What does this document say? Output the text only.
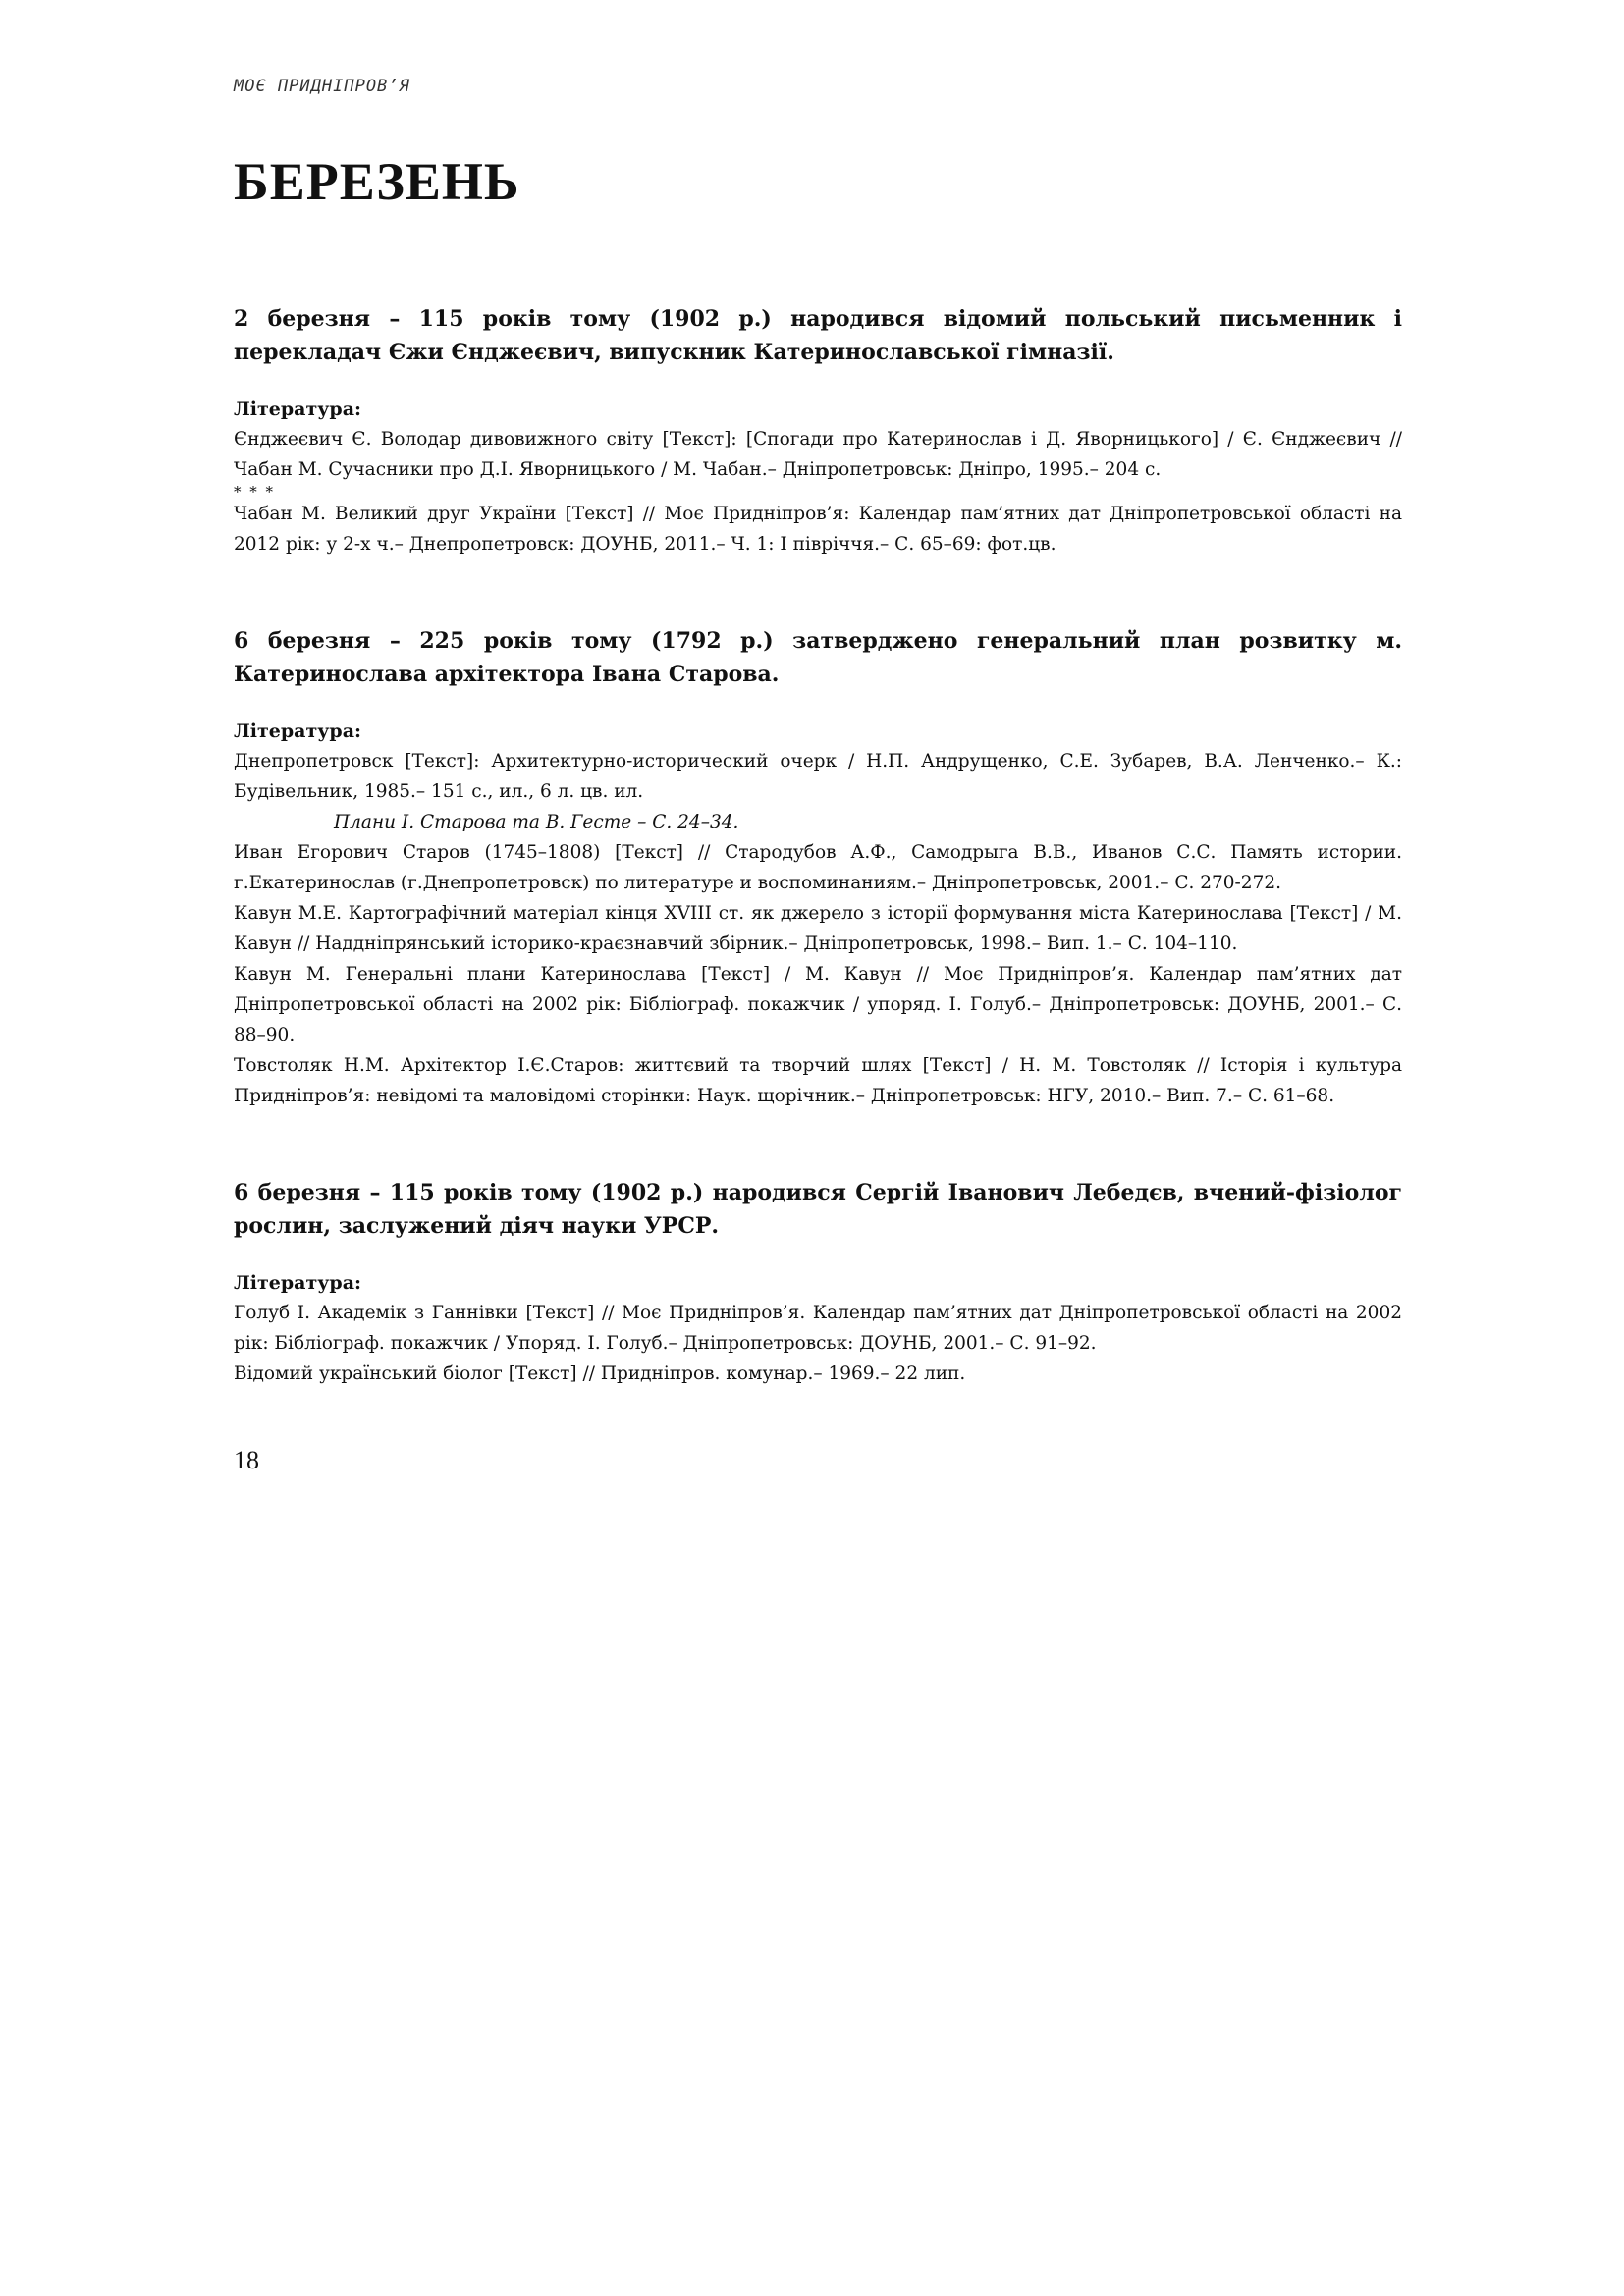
МОЄ ПРИДНІПРОВ’Я

БЕРЕЗЕНЬ

2 березня – 115 років тому (1902 р.) народився відомий польський письменник і перекладач Єжи Єнджеєвич, випускник Катеринославської гімназії.

Література:

Єнджеєвич Є. Володар дивовижного світу [Текст]: [Спогади про Катеринослав і Д. Яворницького] / Є. Єнджеєвич // Чабан М. Сучасники про Д.І. Яворницького / М. Чабан.– Дніпропетровськ: Дніпро, 1995.– 204 с.

* * *

Чабан М. Великий друг України [Текст] // Моє Придніпров’я: Календар пам’ятних дат Дніпропетровської області на 2012 рік: у 2-х ч.– Днепропетровск: ДОУНБ, 2011.– Ч. 1: І півріччя.– С. 65–69: фот.цв.

6 березня – 225 років тому (1792 р.) затверджено генеральний план розвитку м. Катеринослава архітектора Івана Старова.

Література:

Днепропетровск [Текст]: Архитектурно-исторический очерк / Н.П. Андрущенко, С.Е. Зубарев, В.А. Ленченко.– К.: Будівельник, 1985.– 151 с., ил., 6 л. цв. ил.

Плани І. Старова та В. Гесте – С. 24–34.

Иван Егорович Старов (1745–1808) [Текст] // Стародубов А.Ф., Самодрыга В.В., Иванов С.С. Память истории. г.Екатеринослав (г.Днепропетровск) по литературе и воспоминаниям.– Дніпропетровськ, 2001.– С. 270-272.

Кавун М.Е. Картографічний матеріал кінця XVIII ст. як джерело з історії формування міста Катеринослава [Текст] / М. Кавун // Наддніпрянський історико-краєзнавчий збірник.– Дніпропетровськ, 1998.– Вип. 1.– С. 104–110.

Кавун М. Генеральні плани Катеринослава [Текст] / М. Кавун // Моє Придніпров’я. Календар пам’ятних дат Дніпропетровської області на 2002 рік: Бібліограф. покажчик / упоряд. І. Голуб.– Дніпропетровськ: ДОУНБ, 2001.– С. 88–90.

Товстоляк Н.М. Архітектор І.Є.Старов: життєвий та творчий шлях [Текст] / Н. М. Товстоляк // Історія і культура Придніпров’я: невідомі та маловідомі сторінки: Наук. щорічник.– Дніпропетровськ: НГУ, 2010.– Вип. 7.– С. 61–68.

6 березня – 115 років тому (1902 р.) народився Сергій Іванович Лебедєв, вчений-фізіолог рослин, заслужений діяч науки УРСР.

Література:

Голуб І. Академік з Ганнівки [Текст] // Моє Придніпров’я. Календар пам’ятних дат Дніпропетровської області на 2002 рік: Бібліограф. покажчик / Упоряд. І. Голуб.– Дніпропетровськ: ДОУНБ, 2001.– С. 91–92.

Відомий український біолог [Текст] // Придніпров. комунар.– 1969.– 22 лип.

18
